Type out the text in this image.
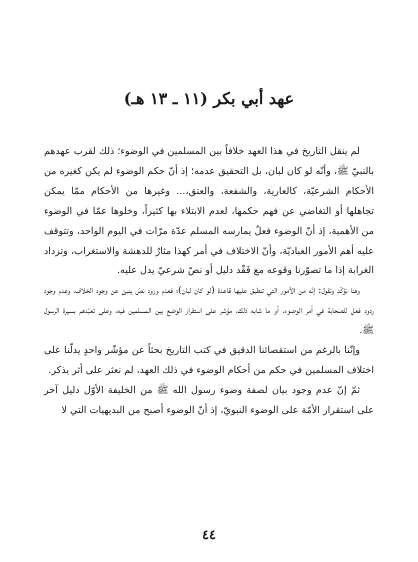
عهد أبي بكر (١١ ـ ١٣ هـ)

لم ينقل التاريخ في هذا العهد خلافاً بين المسلمين في الوضوء؛ ذلك لقرب عهدهم بالنبيّ ﷺ، وأنّه لو كان لبان، بل التحقيق عدمه؛ إذ أنّ حكم الوضوء لم يكن كغيره من الأحكام الشرعيّة، كالعارية، والشفعة، والعتق،... وغيرها من الأحكام ممّا يمكن تجاهلها أو التغاضي عن فهم حكمها، لعدم الابتلاء بها كثيراً، وخلوها عمّا في الوضوء من الأهمية، إذ أنّ الوضوء فعلٌ يمارسه المسلم عدّة مرّات في اليوم الواحد، وتتوقف عليه أهم الأمور العباديّة، وأنّ الاختلاف في أمر كهذا مثارٌ للدهشة والاستغراب، وتزداد الغرابة إذا ما تصوّرنا وقوعه مع فَقْد دليل أو نصّ شرعيّ يدل عليه.

وهنا نؤكّد ونقول: إنّه من الأمور التي تنطبق عليها قاعدة (لو كان لبان)؛ فعدم ورود نصّ ينبئ عن وجود الخلاف، وعدم وجود ردود فعل للصحابة في أمر الوضوء، أو ما شابه ذلك، مؤشر على استقرار الوضع بين المسلمين فيه، وعلى تعبّدهم بسيرة الرسول ﷺ.

وإنّنا بالرغم من استقصائنا الدقيق في كتب التاريخ بحثاً عن مؤشّر واحدٍ يدلّنا على اختلاف المسلمين في حكم من أحكام الوضوء في ذلك العهد، لم نعثر على أثر يذكر.

ثمّ إنّ عدم وجود بيان لصفة وضوء رسول الله ﷺ من الخليفة الأوّل دليل آخر على استقرار الأمّة على الوضوء النبويّ، إذ أنّ الوضوء أصبح من البديهيات التي لا

٤٤
